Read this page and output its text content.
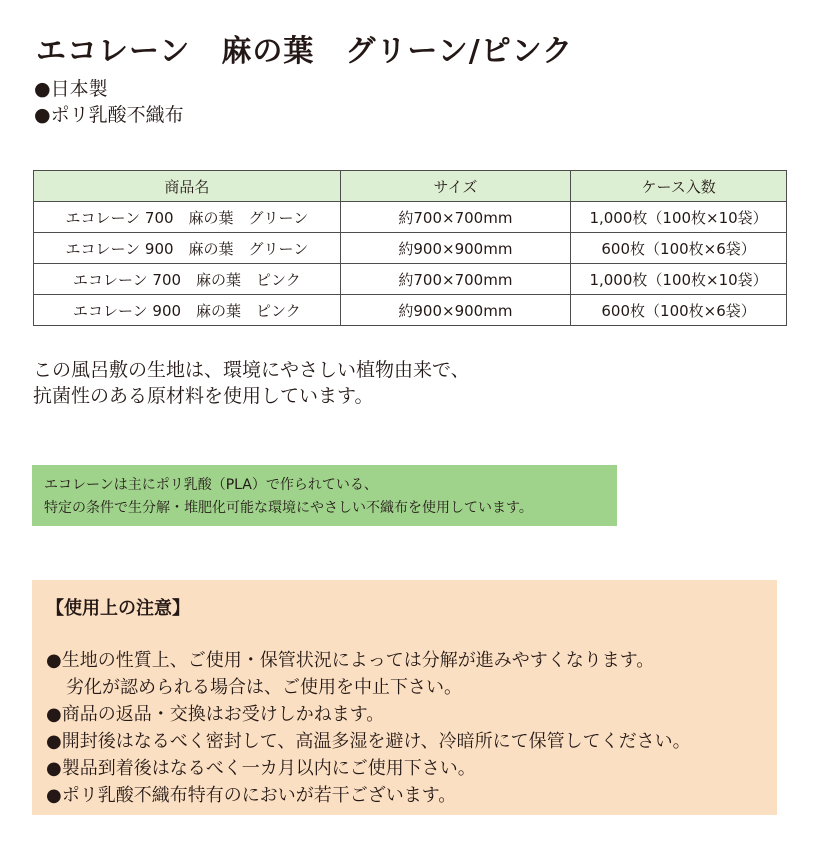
エコレーン　麻の葉　グリーン/ピンク
●日本製
●ポリ乳酸不織布
商品名	サイズ	ケース入数
エコレーン 700　麻の葉　グリーン	約700×700mm	1,000枚（100枚×10袋）
エコレーン 900　麻の葉　グリーン	約900×900mm	600枚（100枚×6袋）
エコレーン 700　麻の葉　ピンク	約700×700mm	1,000枚（100枚×10袋）
エコレーン 900　麻の葉　ピンク	約900×900mm	600枚（100枚×6袋）
この風呂敷の生地は、環境にやさしい植物由来で、
抗菌性のある原材料を使用しています。
エコレーンは主にポリ乳酸（PLA）で作られている、
特定の条件で生分解・堆肥化可能な環境にやさしい不織布を使用しています。
【使用上の注意】
●生地の性質上、ご使用・保管状況によっては分解が進みやすくなります。
劣化が認められる場合は、ご使用を中止下さい。
●商品の返品・交換はお受けしかねます。
●開封後はなるべく密封して、高温多湿を避け、冷暗所にて保管してください。
●製品到着後はなるべく一カ月以内にご使用下さい。
●ポリ乳酸不織布特有のにおいが若干ございます。
